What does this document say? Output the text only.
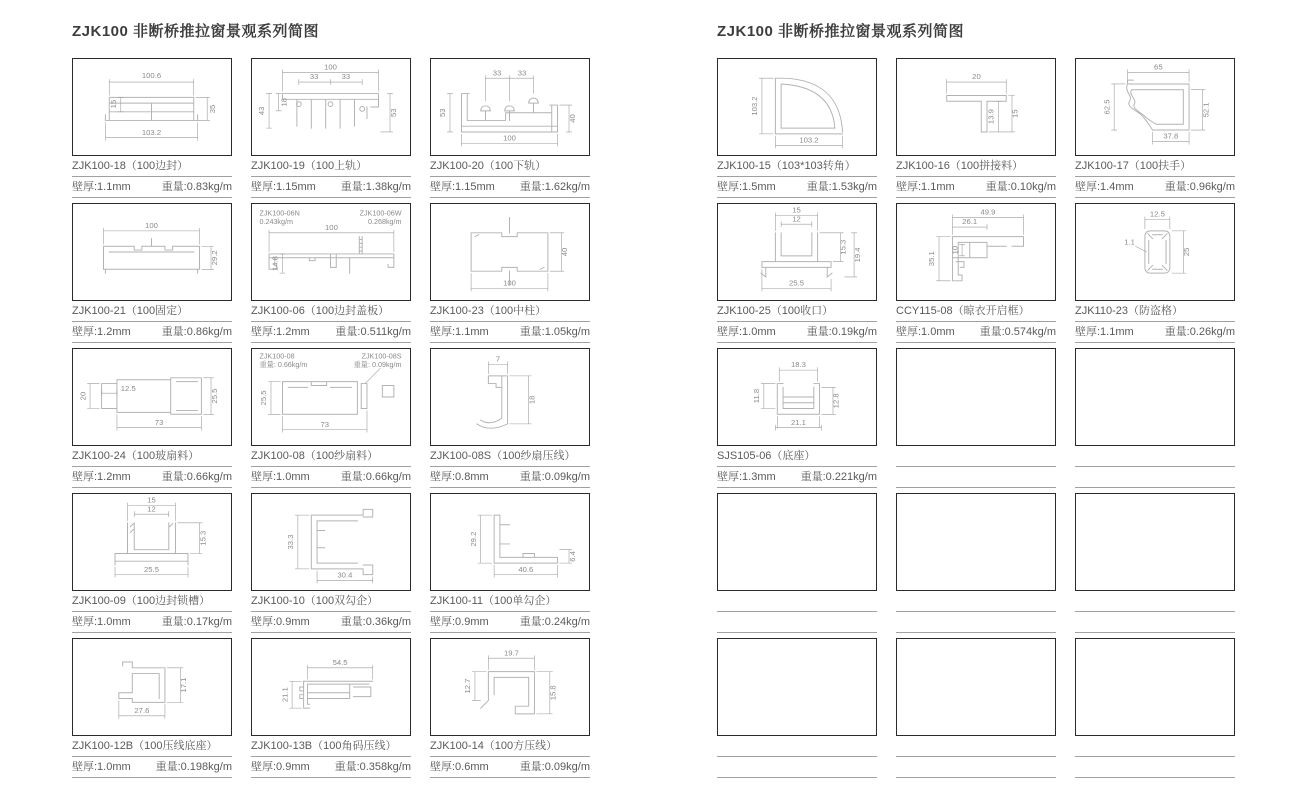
ZJK100 非断桥推拉窗景观系列简图
100.6
15
35
103.2
ZJK100-18（100边封）
壁厚:1.1mm	重量:0.83kg/m
100
33	33
43
18
53
ZJK100-19（100上轨）
壁厚:1.15mm 重量:1.38kg/m
33 33
53
40
100
ZJK100-20（100下轨）
壁厚:1.15mm 重量:1.62kg/m
100
29.2
ZJK100-21（100固定）
壁厚:1.2mm	重量:0.86kg/m
ZJK100-06N
0.243kg/m
ZJK100-06W
0.268kg/m
100
14.8
ZJK100-06（100边封盖板）
壁厚:1.2mm 重量:0.511kg/m
40
100
ZJK100-23（100中柱）
壁厚:1.1mm	重量:1.05kg/m
20
12.5	25.5
73
ZJK100-24（100玻扇料）
壁厚:1.2mm	重量:0.66kg/m
ZJK100-08
重量: 0.66kg/m
ZJK100-08S
重量: 0.09kg/m
25.5
73
ZJK100-08（100纱扇料）
壁厚:1.0mm	重量:0.66kg/m
7
18
ZJK100-08S（100纱扇压线）
壁厚:0.8mm	重量:0.09kg/m
15
12
15.3
25.5
ZJK100-09（100边封锁槽）
壁厚:1.0mm	重量:0.17kg/m
33.3
30.4
ZJK100-10（100双勾企）
壁厚:0.9mm	重量:0.36kg/m
29.2
6.4
40.6
ZJK100-11（100单勾企）
壁厚:0.9mm	重量:0.24kg/m
17.1
27.6
ZJK100-12B（100压线底座）
壁厚:1.0mm 重量:0.198kg/m
54.5
21.1
ZJK100-13B（100角码压线）
壁厚:0.9mm 重量:0.358kg/m
19.7
12.7	15.8
ZJK100-14（100方压线）
壁厚:0.6mm	重量:0.09kg/m
ZJK100 非断桥推拉窗景观系列简图
103.2
103.2
ZJK100-15（103*103转角）
壁厚:1.5mm	重量:1.53kg/m
20
13.9 15
ZJK100-16（100拼接料）
壁厚:1.1mm	重量:0.10kg/m
65
62.5	52.1
37.8
ZJK100-17（100扶手）
壁厚:1.4mm	重量:0.96kg/m
15
12
15.3
19.4
25.5
ZJK100-25（100收口）
壁厚:1.0mm	重量:0.19kg/m
49.9
26.1
10
35.1
CCY115-08（晾衣开启框）
壁厚:1.0mm 重量:0.574kg/m
12.5
1.1
25
ZJK110-23（防盗格）
壁厚:1.1mm	重量:0.26kg/m
18.3
11.8	12.8
21.1
SJS105-06（底座）
壁厚:1.3mm 重量:0.221kg/m
